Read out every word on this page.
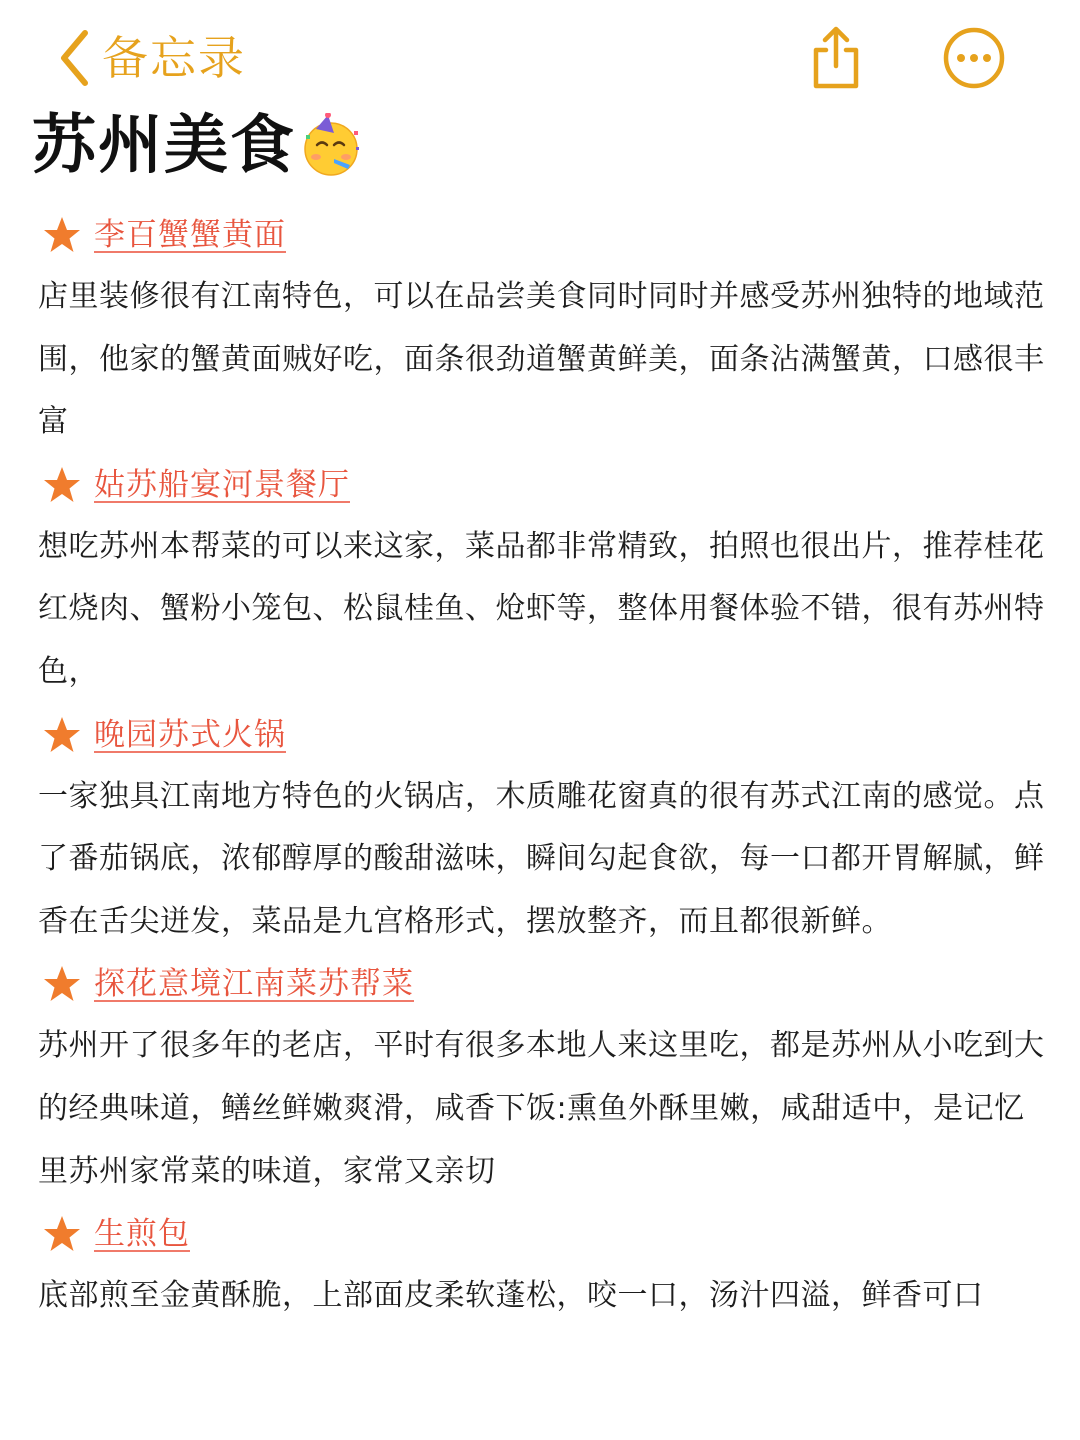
备忘录
苏州美食
李百蟹蟹黄面

店里装修很有江南特色，可以在品尝美食同时同时并感受苏州独特的地域范围，他家的蟹黄面贼好吃，面条很劲道蟹黄鲜美，面条沾满蟹黄，口感很丰富

姑苏船宴河景餐厅

想吃苏州本帮菜的可以来这家，菜品都非常精致，拍照也很出片，推荐桂花红烧肉、蟹粉小笼包、松鼠桂鱼、炝虾等，整体用餐体验不错，很有苏州特色，

晚园苏式火锅

一家独具江南地方特色的火锅店，木质雕花窗真的很有苏式江南的感觉。点了番茄锅底，浓郁醇厚的酸甜滋味，瞬间勾起食欲，每一口都开胃解腻，鲜香在舌尖迸发，菜品是九宫格形式，摆放整齐，而且都很新鲜。

探花意境江南菜苏帮菜

苏州开了很多年的老店，平时有很多本地人来这里吃，都是苏州从小吃到大的经典味道，鳝丝鲜嫩爽滑，咸香下饭:熏鱼外酥里嫩，咸甜适中，是记忆里苏州家常菜的味道，家常又亲切

生煎包

底部煎至金黄酥脆，上部面皮柔软蓬松，咬一口，汤汁四溢，鲜香可口
